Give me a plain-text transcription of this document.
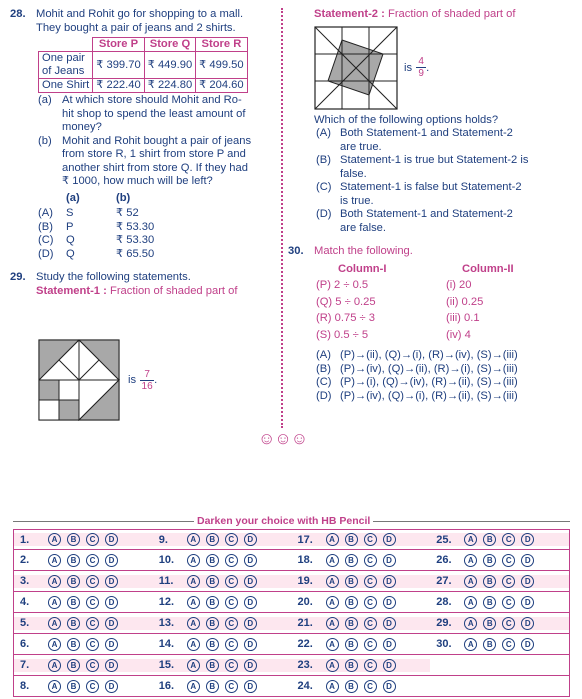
28. Mohit and Rohit go for shopping to a mall.
They bought a pair of jeans and 2 shirts.
	Store P	Store Q	Store R

One pair
of Jeans	₹ 399.70	₹ 449.90	₹ 499.50
One Shirt	₹ 222.40	₹ 224.80	₹ 204.60
(a) At which store should Mohit and Ro-
hit shop to spend the least amount of
money?
(b) Mohit and Rohit bought a pair of jeans
from store R, 1 shirt from store P and
another shirt from store Q. If they had
₹ 1000, how much will be left?
(a)	(b)
(A)	S	₹ 52
(B)	P	₹ 53.30
(C)	Q	₹ 53.30
(D)	Q	₹ 65.50
29. Study the following statements.
Statement-1 : Fraction of shaded part of
is 7
16 .
Statement-2 : Fraction of shaded part of
is 4
9 .
Which of the following options holds?
(A) Both Statement-1 and Statement-2
are true.
(B) Statement-1 is true but Statement-2 is
false.
(C) Statement-1 is false but Statement-2
is true.
(D) Both Statement-1 and Statement-2
are false.
30. Match the following.
Column-I	Column-II
(P) 2 ÷ 0.5	(i) 20
(Q) 5 ÷ 0.25	(ii) 0.25
(R) 0.75 ÷ 3	(iii) 0.1
(S) 0.5 ÷ 5	(iv) 4
(A) (P)→(ii), (Q)→(i), (R)→(iv), (S)→(iii)
(B) (P)→(iv), (Q)→(ii), (R)→(i), (S)→(iii)
(C) (P)→(i), (Q)→(iv), (R)→(ii), (S)→(iii)
(D) (P)→(iv), (Q)→(i), (R)→(ii), (S)→(iii)
☺☺☺
Darken your choice with HB Pencil
1.	A	B	C	D	9.	A	B	C	D	17.	A	B	C	D	25.	A	B	C	D
2.	A	B	C	D	10.	A	B	C	D	18.	A	B	C	D	26.	A	B	C	D
3.	A	B	C	D	11.	A	B	C	D	19.	A	B	C	D	27.	A	B	C	D
4.	A	B	C	D	12.	A	B	C	D	20.	A	B	C	D	28.	A	B	C	D
5.	A	B	C	D	13.	A	B	C	D	21.	A	B	C	D	29.	A	B	C	D
6.	A	B	C	D	14.	A	B	C	D	22.	A	B	C	D	30.	A	B	C	D
7.	A	B	C	D	15.	A	B	C	D	23.	A	B	C	D
8.	A	B	C	D	16.	A	B	C	D	24.	A	B	C	D
